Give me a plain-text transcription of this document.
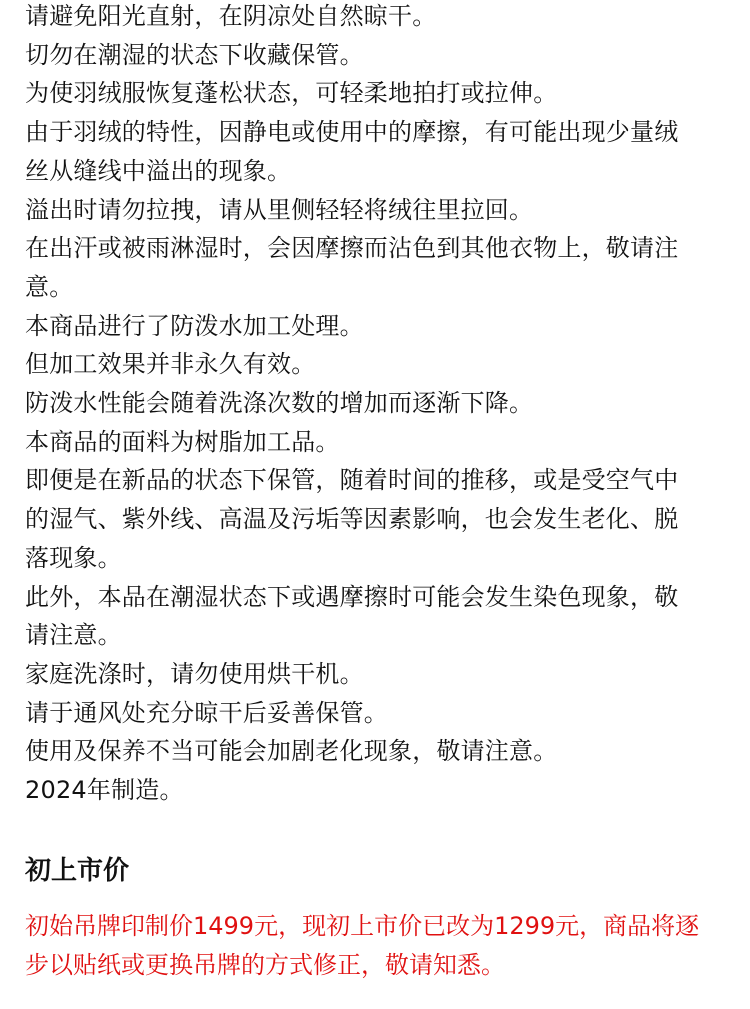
请避免阳光直射，在阴凉处自然晾干。
切勿在潮湿的状态下收藏保管。
为使羽绒服恢复蓬松状态，可轻柔地拍打或拉伸。
由于羽绒的特性，因静电或使用中的摩擦，有可能出现少量绒
丝从缝线中溢出的现象。
溢出时请勿拉拽，请从里侧轻轻将绒往里拉回。
在出汗或被雨淋湿时，会因摩擦而沾色到其他衣物上，敬请注
意。
本商品进行了防泼水加工处理。
但加工效果并非永久有效。
防泼水性能会随着洗涤次数的增加而逐渐下降。
本商品的面料为树脂加工品。
即便是在新品的状态下保管，随着时间的推移，或是受空气中
的湿气、紫外线、高温及污垢等因素影响，也会发生老化、脱
落现象。
此外，本品在潮湿状态下或遇摩擦时可能会发生染色现象，敬
请注意。
家庭洗涤时，请勿使用烘干机。
请于通风处充分晾干后妥善保管。
使用及保养不当可能会加剧老化现象，敬请注意。
2024年制造。
初上市价

初始吊牌印制价1499元，现初上市价已改为1299元，商品将逐
步以贴纸或更换吊牌的方式修正，敬请知悉。
